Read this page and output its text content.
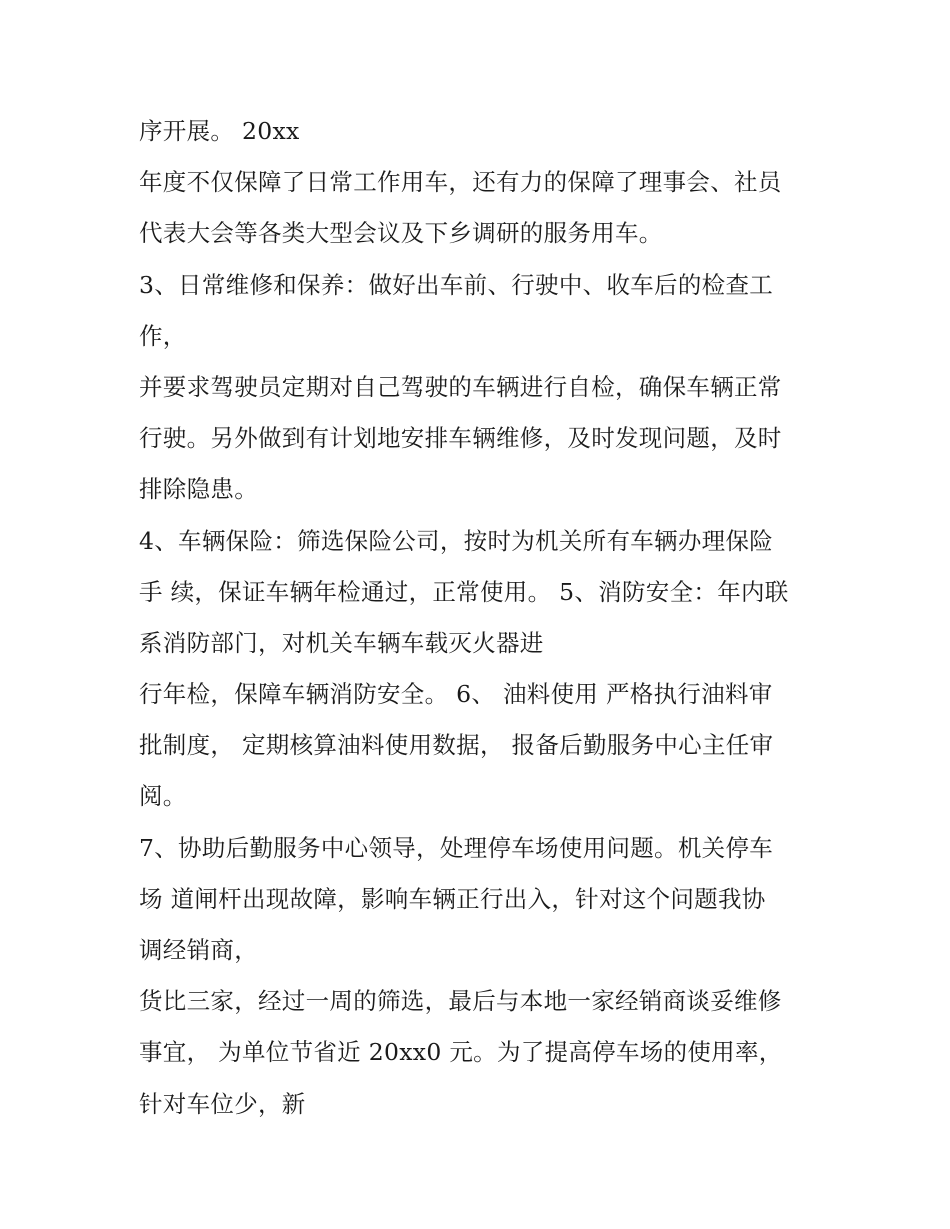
序开展。 20xx
年度不仅保障了日常工作用车，还有力的保障了理事会、社员
代表大会等各类大型会议及下乡调研的服务用车。
3、日常维修和保养：做好出车前、行驶中、收车后的检查工
作，
并要求驾驶员定期对自己驾驶的车辆进行自检，确保车辆正常
行驶。另外做到有计划地安排车辆维修，及时发现问题，及时
排除隐患。
4、车辆保险：筛选保险公司，按时为机关所有车辆办理保险
手 续，保证车辆年检通过，正常使用。 5、消防安全：年内联
系消防部门，对机关车辆车载灭火器进
行年检，保障车辆消防安全。 6、 油料使用 严格执行油料审
批制度， 定期核算油料使用数据， 报备后勤服务中心主任审
阅。
7、协助后勤服务中心领导，处理停车场使用问题。机关停车
场 道闸杆出现故障，影响车辆正行出入，针对这个问题我协
调经销商，
货比三家，经过一周的筛选，最后与本地一家经销商谈妥维修
事宜， 为单位节省近 20xx0 元。为了提高停车场的使用率，
针对车位少，新
